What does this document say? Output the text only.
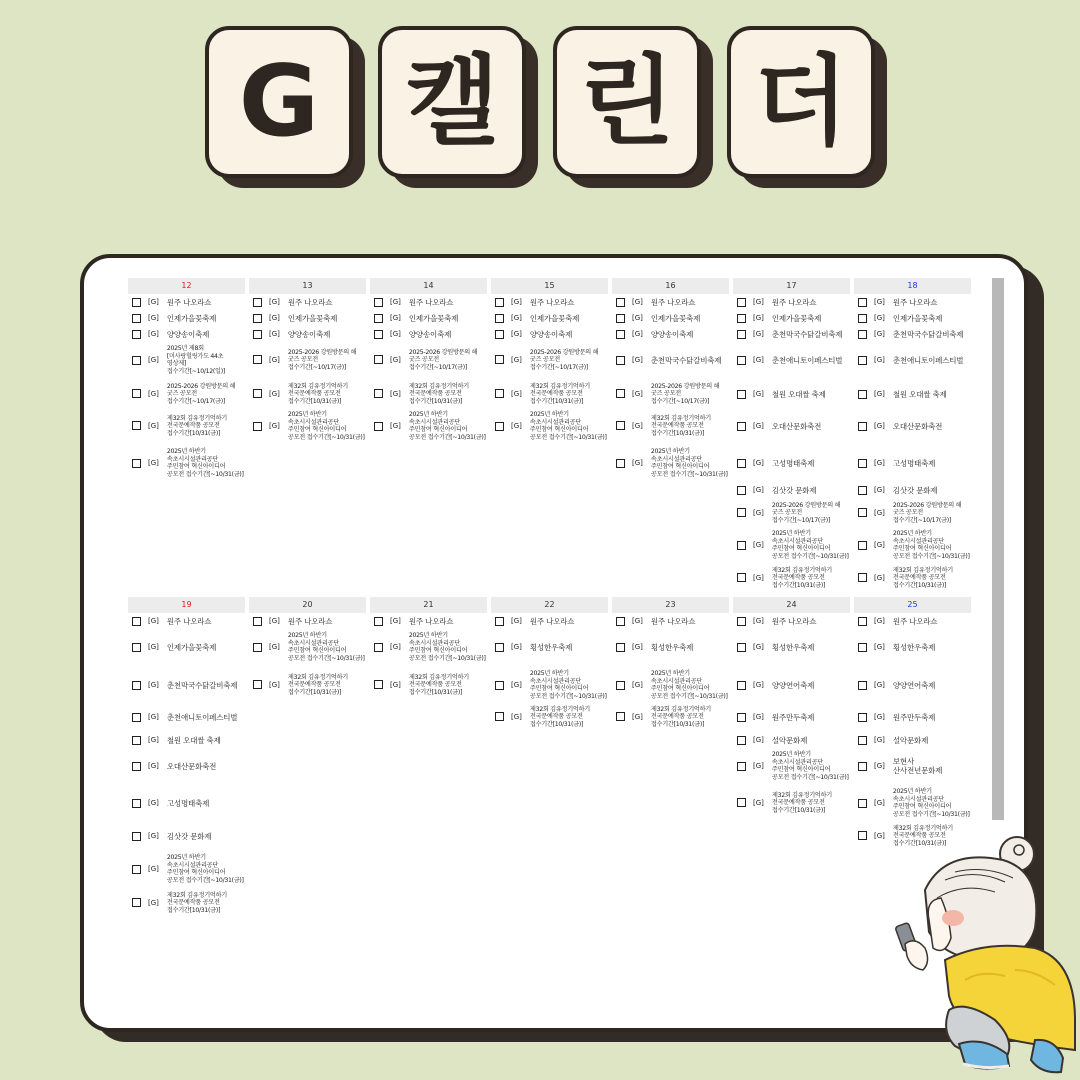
G 캘 린 더
12
[G] 원주 나오라쇼
[G] 인제가을꽃축제
[G] 양양송이축제
[G]
2025년 제8회
[미사랑힐링가도 44초
영상제]
접수기간[~10/12(일)]
[G]
2025-2026 강원방문의 해
굿즈 공모전
접수기간[~10/17(금)]
[G]
제32회 김유정기억하기
전국문예작품 공모전
접수기간[10/31(금)]
[G]
2025년 하반기
속초시시설관리공단
주민참여 혁신아이디어
공모전 접수기간[~10/31(금)]
13
[G] 원주 나오라쇼
[G] 인제가을꽃축제
[G] 양양송이축제
[G]
2025-2026 강원방문의 해
굿즈 공모전
접수기간[~10/17(금)]
[G]
제32회 김유정기억하기
전국문예작품 공모전
접수기간[10/31(금)]
[G]
2025년 하반기
속초시시설관리공단
주민참여 혁신아이디어
공모전 접수기간[~10/31(금)]
14
[G] 원주 나오라쇼
[G] 인제가을꽃축제
[G] 양양송이축제
[G]
2025-2026 강원방문의 해
굿즈 공모전
접수기간[~10/17(금)]
[G]
제32회 김유정기억하기
전국문예작품 공모전
접수기간[10/31(금)]
[G]
2025년 하반기
속초시시설관리공단
주민참여 혁신아이디어
공모전 접수기간[~10/31(금)]
15
[G] 원주 나오라쇼
[G] 인제가을꽃축제
[G] 양양송이축제
[G]
2025-2026 강원방문의 해
굿즈 공모전
접수기간[~10/17(금)]
[G]
제32회 김유정기억하기
전국문예작품 공모전
접수기간[10/31(금)]
[G]
2025년 하반기
속초시시설관리공단
주민참여 혁신아이디어
공모전 접수기간[~10/31(금)]
16
[G] 원주 나오라쇼
[G] 인제가을꽃축제
[G] 양양송이축제
[G] 춘천막국수닭갈비축제
[G]
2025-2026 강원방문의 해
굿즈 공모전
접수기간[~10/17(금)]
[G]
제32회 김유정기억하기
전국문예작품 공모전
접수기간[10/31(금)]
[G]
2025년 하반기
속초시시설관리공단
주민참여 혁신아이디어
공모전 접수기간[~10/31(금)]
17
[G] 원주 나오라쇼
[G] 인제가을꽃축제
[G] 춘천막국수닭갈비축제
[G] 춘천애니토이페스티벌
[G] 철원 오대쌀 축제
[G] 오대산문화축전
[G] 고성명태축제
[G] 김삿갓 문화제
[G]
2025-2026 강원방문의 해
굿즈 공모전
접수기간[~10/17(금)]
[G]
2025년 하반기
속초시시설관리공단
주민참여 혁신아이디어
공모전 접수기간[~10/31(금)]
[G]
제32회 김유정기억하기
전국문예작품 공모전
접수기간[10/31(금)]
18
[G] 원주 나오라쇼
[G] 인제가을꽃축제
[G] 춘천막국수닭갈비축제
[G] 춘천애니토이페스티벌
[G] 철원 오대쌀 축제
[G] 오대산문화축전
[G] 고성명태축제
[G] 김삿갓 문화제
[G]
2025-2026 강원방문의 해
굿즈 공모전
접수기간[~10/17(금)]
[G]
2025년 하반기
속초시시설관리공단
주민참여 혁신아이디어
공모전 접수기간[~10/31(금)]
[G]
제32회 김유정기억하기
전국문예작품 공모전
접수기간[10/31(금)]
19
[G] 원주 나오라쇼
[G] 인제가을꽃축제
[G] 춘천막국수닭갈비축제
[G] 춘천애니토이페스티벌
[G] 철원 오대쌀 축제
[G] 오대산문화축전
[G] 고성명태축제
[G] 김삿갓 문화제
[G]
2025년 하반기
속초시시설관리공단
주민참여 혁신아이디어
공모전 접수기간[~10/31(금)]
[G]
제32회 김유정기억하기
전국문예작품 공모전
접수기간[10/31(금)]
20
[G] 원주 나오라쇼
[G]
2025년 하반기
속초시시설관리공단
주민참여 혁신아이디어
공모전 접수기간[~10/31(금)]
[G]
제32회 김유정기억하기
전국문예작품 공모전
접수기간[10/31(금)]
21
[G] 원주 나오라쇼
[G]
2025년 하반기
속초시시설관리공단
주민참여 혁신아이디어
공모전 접수기간[~10/31(금)]
[G]
제32회 김유정기억하기
전국문예작품 공모전
접수기간[10/31(금)]
22
[G] 원주 나오라쇼
[G] 횡성한우축제
[G]
2025년 하반기
속초시시설관리공단
주민참여 혁신아이디어
공모전 접수기간[~10/31(금)]
[G]
제32회 김유정기억하기
전국문예작품 공모전
접수기간[10/31(금)]
23
[G] 원주 나오라쇼
[G] 횡성한우축제
[G]
2025년 하반기
속초시시설관리공단
주민참여 혁신아이디어
공모전 접수기간[~10/31(금)]
[G]
제32회 김유정기억하기
전국문예작품 공모전
접수기간[10/31(금)]
24
[G] 원주 나오라쇼
[G] 횡성한우축제
[G] 양양연어축제
[G] 원주만두축제
[G] 설악문화제
[G]
2025년 하반기
속초시시설관리공단
주민참여 혁신아이디어
공모전 접수기간[~10/31(금)]
[G]
제32회 김유정기억하기
전국문예작품 공모전
접수기간[10/31(금)]
25
[G] 원주 나오라쇼
[G] 횡성한우축제
[G] 양양연어축제
[G] 원주만두축제
[G] 설악문화제
[G] 보현사
산사전년문화제
[G]
2025년 하반기
속초시시설관리공단
주민참여 혁신아이디어
공모전 접수기간[~10/31(금)]
[G]
제32회 김유정기억하기
전국문예작품 공모전
접수기간[10/31(금)]
